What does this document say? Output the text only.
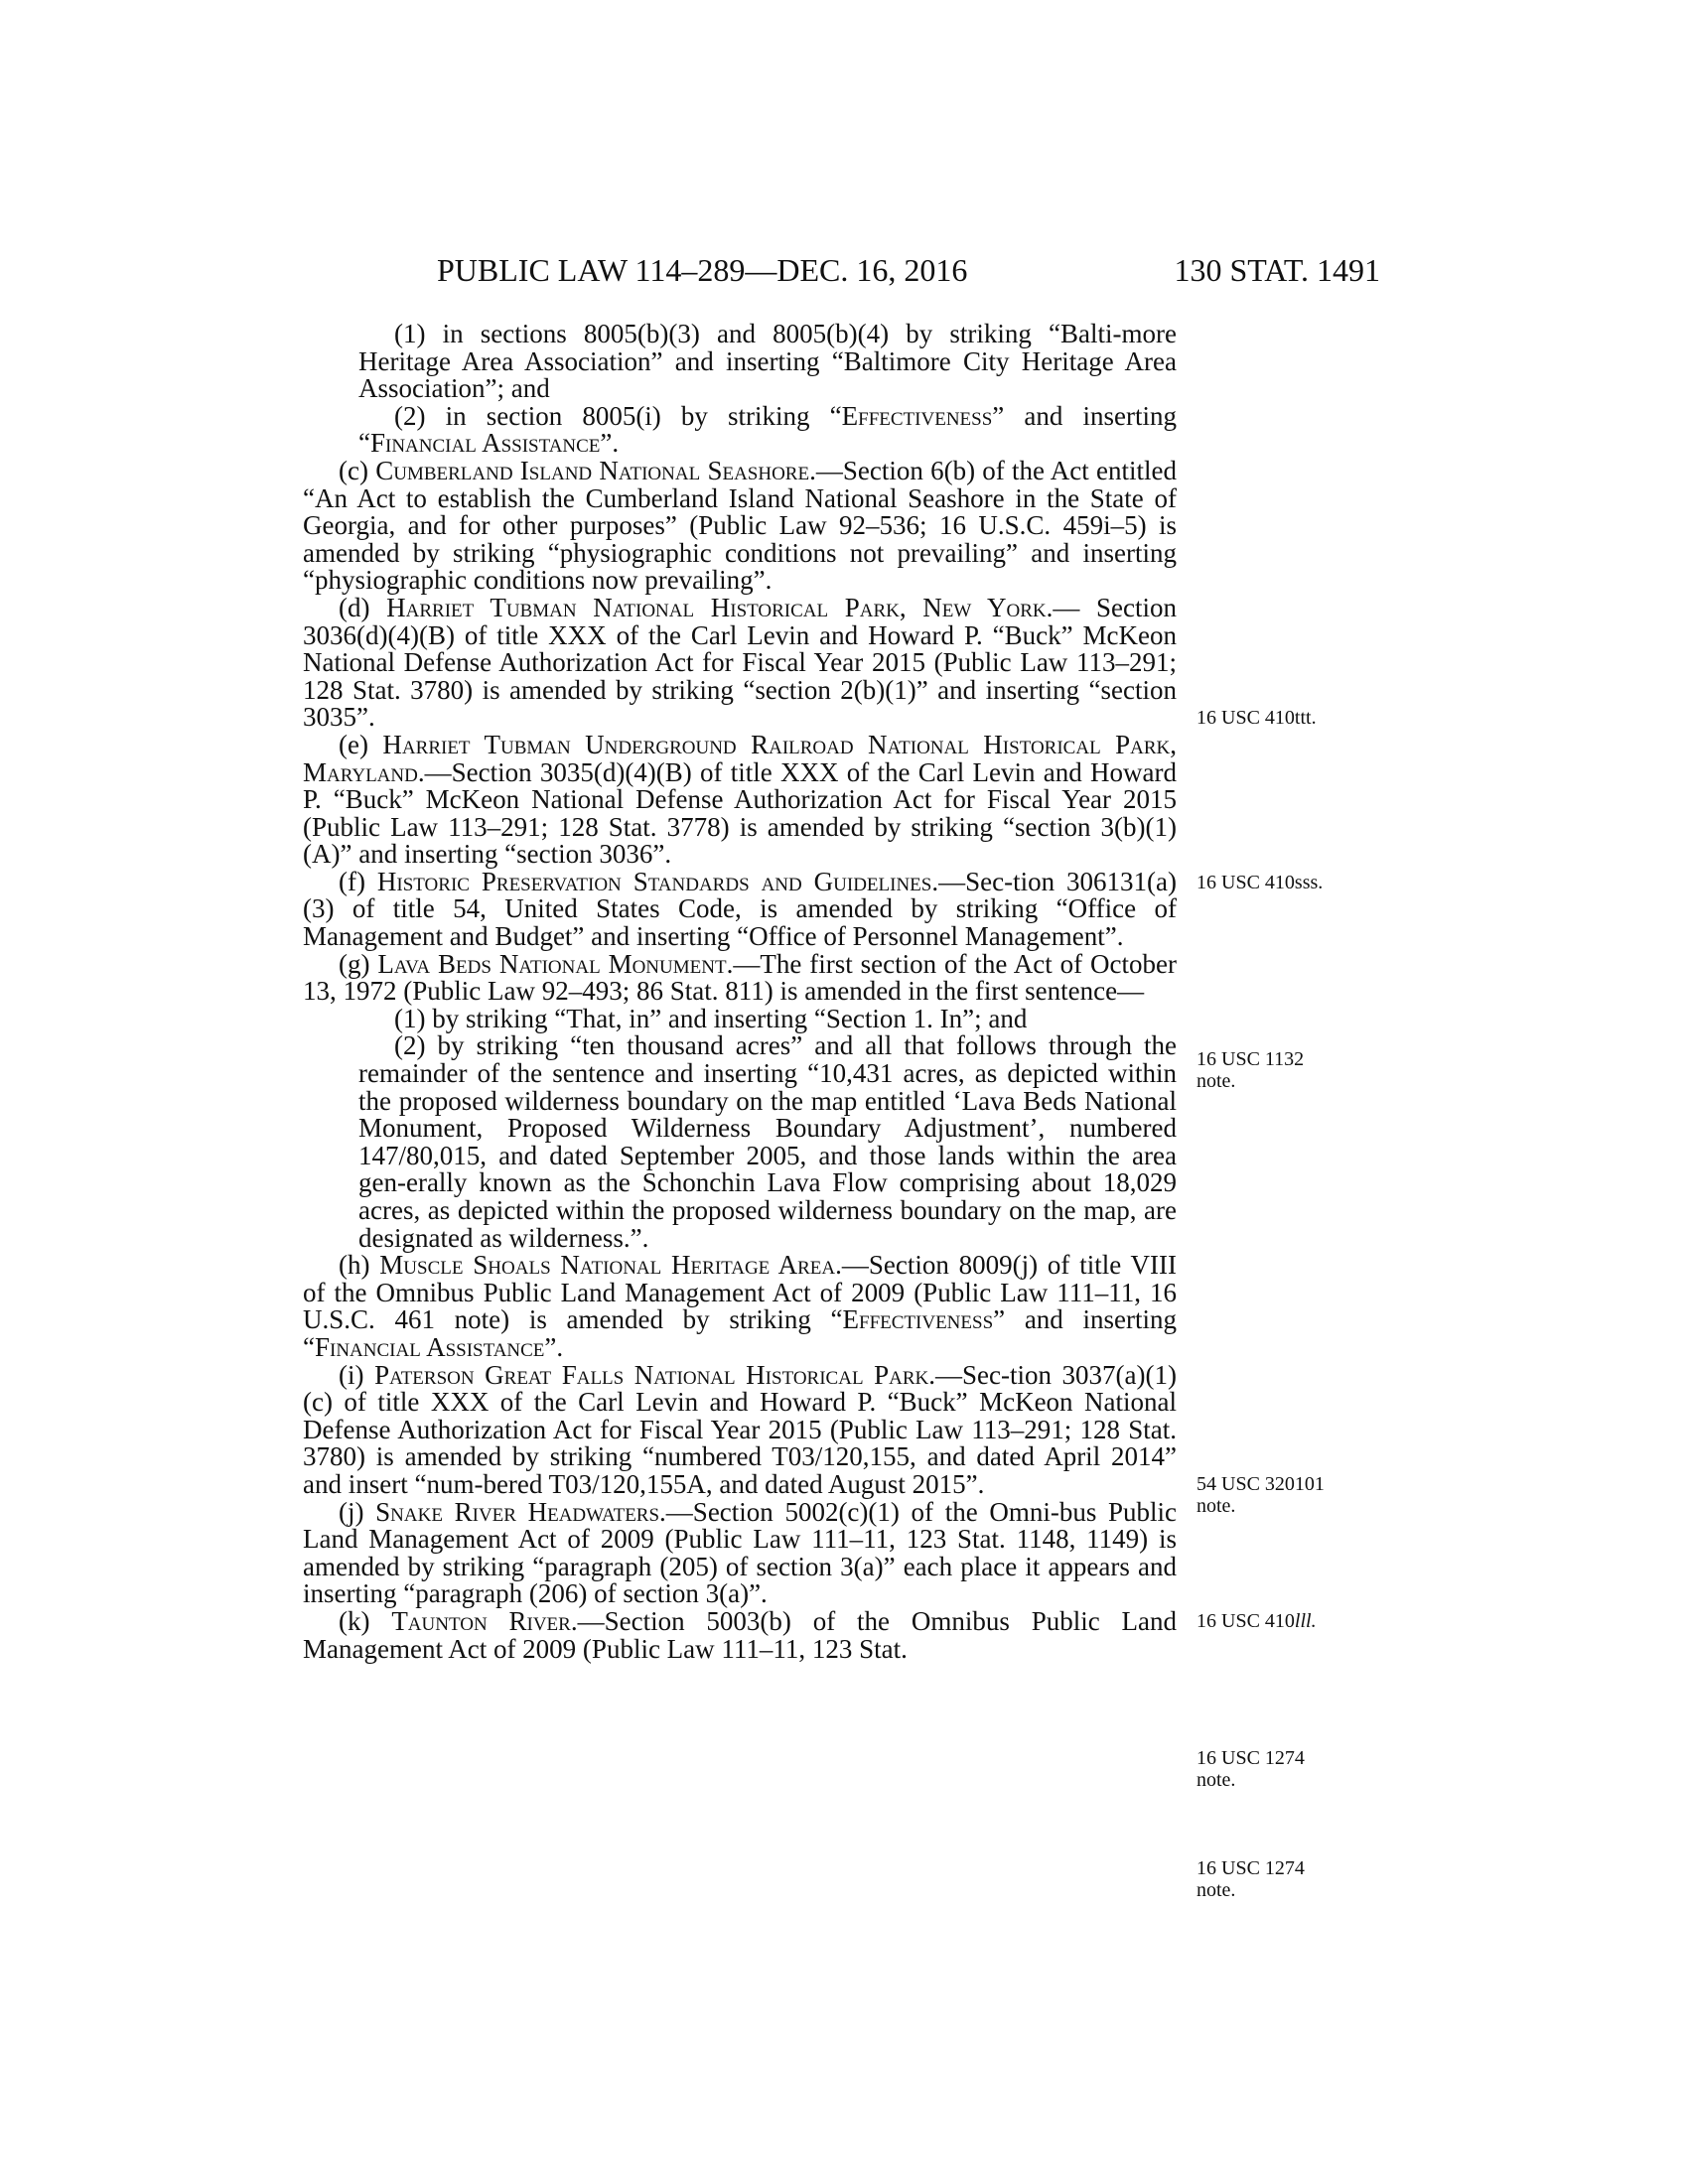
PUBLIC LAW 114–289—DEC. 16, 2016	130 STAT. 1491

(1) in sections 8005(b)(3) and 8005(b)(4) by striking “Balti-more Heritage Area Association” and inserting “Baltimore City Heritage Area Association”; and

(2) in section 8005(i) by striking “Effectiveness” and inserting “Financial Assistance”.

(c) Cumberland Island National Seashore.—Section 6(b) of the Act entitled “An Act to establish the Cumberland Island National Seashore in the State of Georgia, and for other purposes” (Public Law 92–536; 16 U.S.C. 459i–5) is amended by striking “physiographic conditions not prevailing” and inserting “physiographic conditions now prevailing”.

(d) Harriet Tubman National Historical Park, New York.— Section 3036(d)(4)(B) of title XXX of the Carl Levin and Howard P. “Buck” McKeon National Defense Authorization Act for Fiscal Year 2015 (Public Law 113–291; 128 Stat. 3780) is amended by striking “section 2(b)(1)” and inserting “section 3035”.

(e) Harriet Tubman Underground Railroad National Historical Park, Maryland.—Section 3035(d)(4)(B) of title XXX of the Carl Levin and Howard P. “Buck” McKeon National Defense Authorization Act for Fiscal Year 2015 (Public Law 113–291; 128 Stat. 3778) is amended by striking “section 3(b)(1)(A)” and inserting “section 3036”.

(f) Historic Preservation Standards and Guidelines.—Sec-tion 306131(a)(3) of title 54, United States Code, is amended by striking “Office of Management and Budget” and inserting “Office of Personnel Management”.

(g) Lava Beds National Monument.—The first section of the Act of October 13, 1972 (Public Law 92–493; 86 Stat. 811) is amended in the first sentence—

(1) by striking “That, in” and inserting “Section 1. In”; and

(2) by striking “ten thousand acres” and all that follows through the remainder of the sentence and inserting “10,431 acres, as depicted within the proposed wilderness boundary on the map entitled ‘Lava Beds National Monument, Proposed Wilderness Boundary Adjustment’, numbered 147/80,015, and dated September 2005, and those lands within the area gen-erally known as the Schonchin Lava Flow comprising about 18,029 acres, as depicted within the proposed wilderness boundary on the map, are designated as wilderness.”.

(h) Muscle Shoals National Heritage Area.—Section 8009(j) of title VIII of the Omnibus Public Land Management Act of 2009 (Public Law 111–11, 16 U.S.C. 461 note) is amended by striking “Effectiveness” and inserting “Financial Assistance”.

(i) Paterson Great Falls National Historical Park.—Sec-tion 3037(a)(1)(c) of title XXX of the Carl Levin and Howard P. “Buck” McKeon National Defense Authorization Act for Fiscal Year 2015 (Public Law 113–291; 128 Stat. 3780) is amended by striking “numbered T03/120,155, and dated April 2014” and insert “num-bered T03/120,155A, and dated August 2015”.

(j) Snake River Headwaters.—Section 5002(c)(1) of the Omni-bus Public Land Management Act of 2009 (Public Law 111–11, 123 Stat. 1148, 1149) is amended by striking “paragraph (205) of section 3(a)” each place it appears and inserting “paragraph (206) of section 3(a)”.

(k) Taunton River.—Section 5003(b) of the Omnibus Public Land Management Act of 2009 (Public Law 111–11, 123 Stat.

16 USC 410ttt.
16 USC 410sss.
16 USC 1132
note.
54 USC 320101
note.
16 USC 410lll.
16 USC 1274
note.
16 USC 1274
note.
